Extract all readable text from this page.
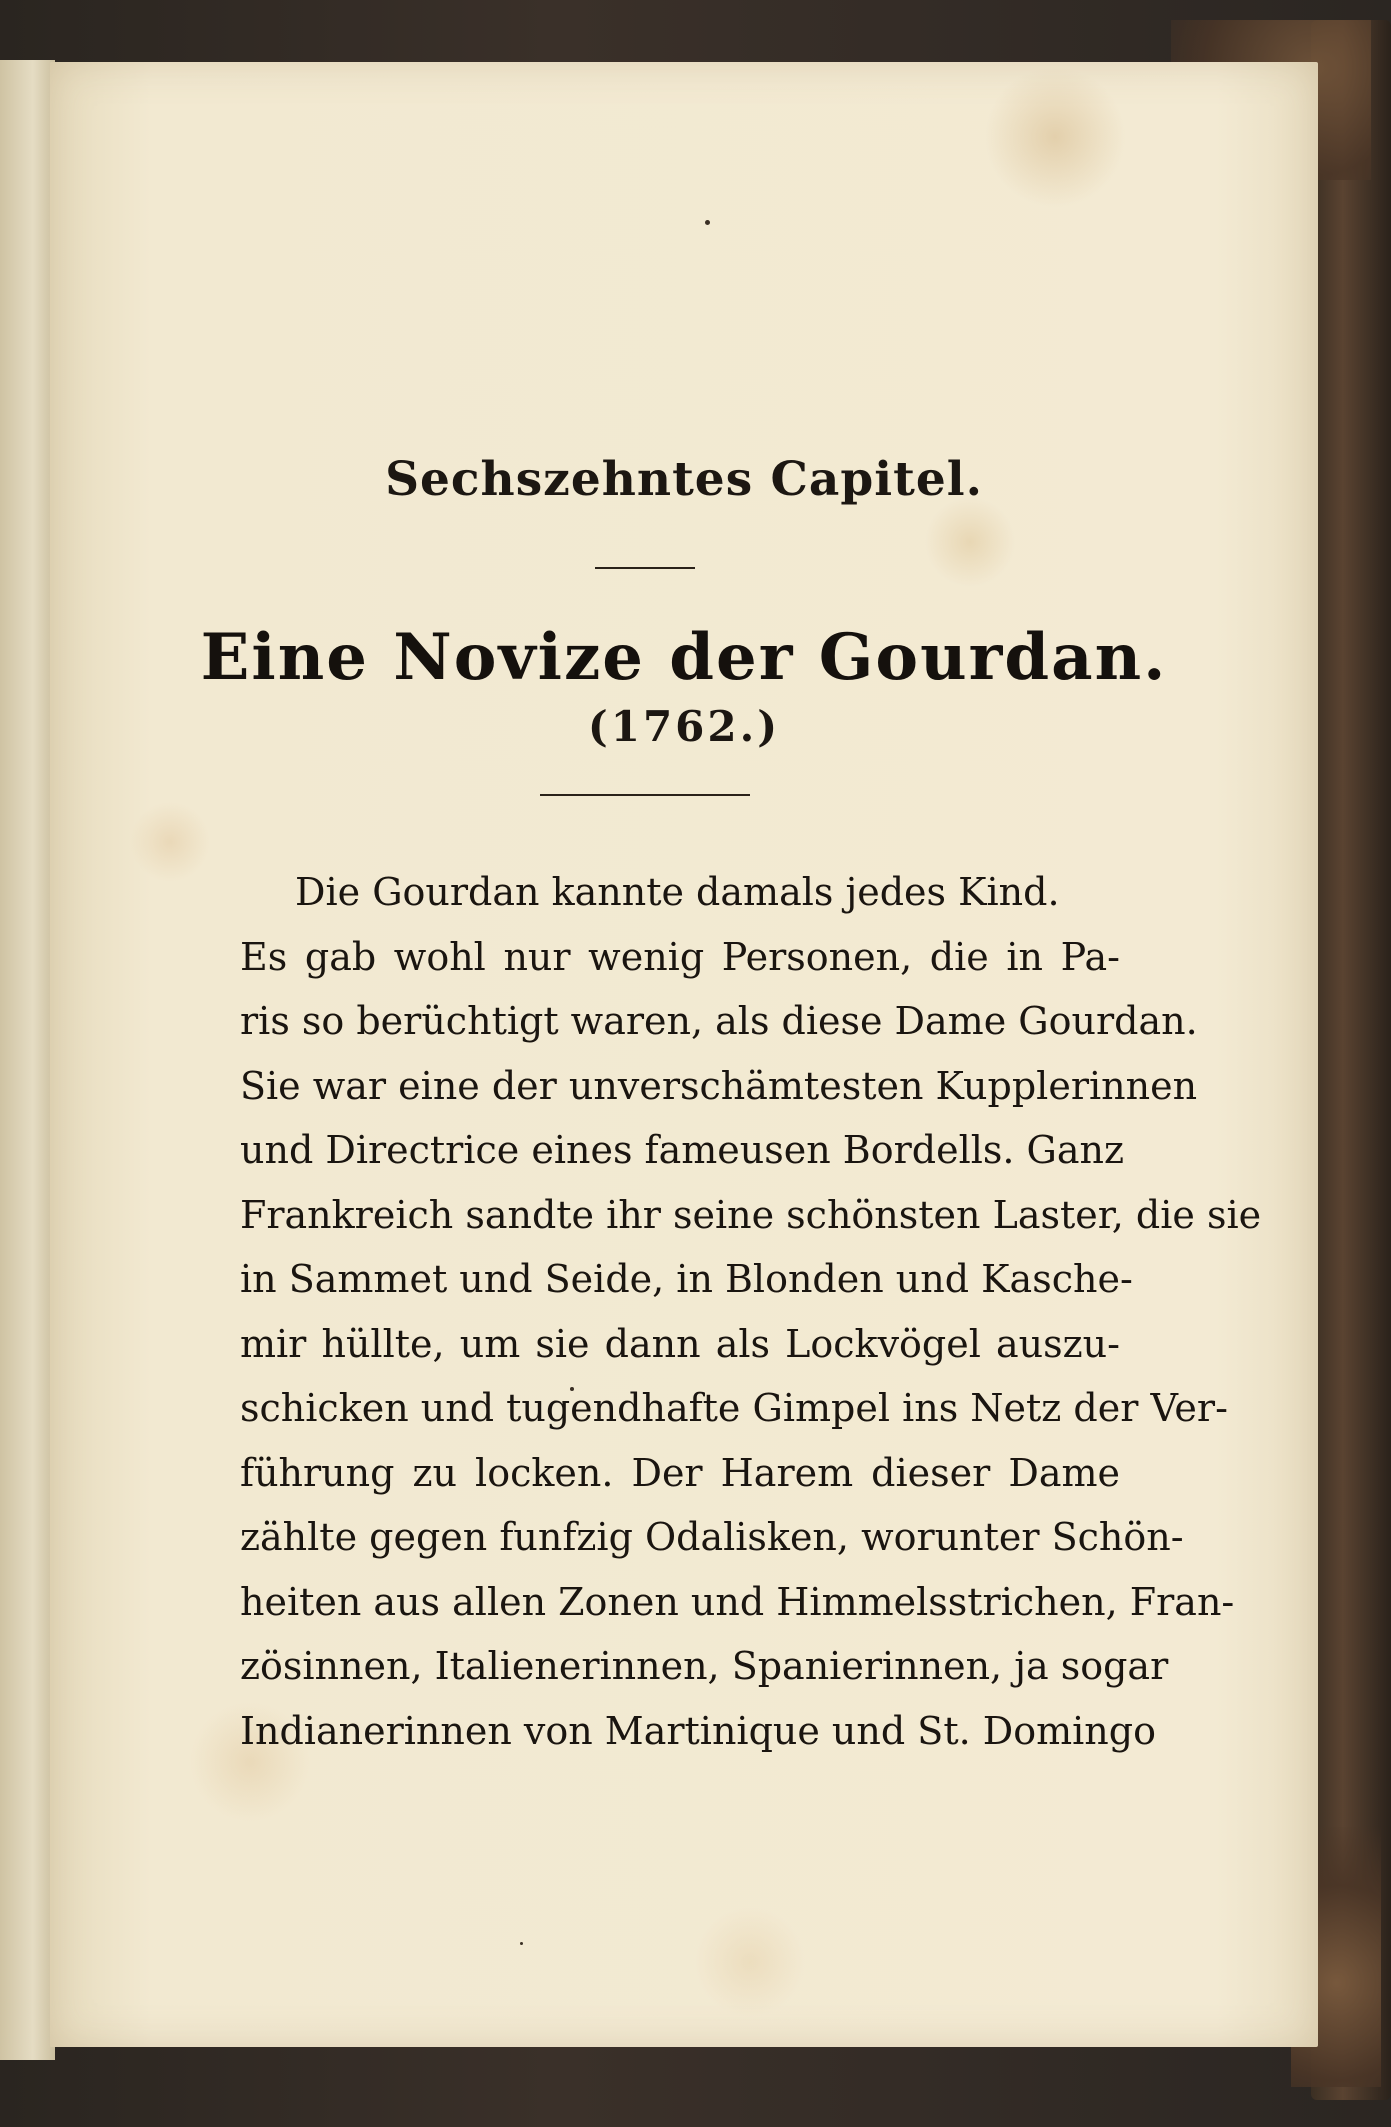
Sechszehntes Capitel.
Eine Novize der Gourdan.
(1762.)
Die Gourdan kannte damals jedes Kind.
Es gab wohl nur wenig Personen, die in Pa-
ris so berüchtigt waren, als diese Dame Gourdan.
Sie war eine der unverschämtesten Kupplerinnen
und Directrice eines fameusen Bordells. Ganz
Frankreich sandte ihr seine schönsten Laster, die sie
in Sammet und Seide, in Blonden und Kasche-
mir hüllte, um sie dann als Lockvögel auszu-
schicken und tugendhafte Gimpel ins Netz der Ver-
führung zu locken. Der Harem dieser Dame
zählte gegen funfzig Odalisken, worunter Schön-
heiten aus allen Zonen und Himmelsstrichen, Fran-
zösinnen, Italienerinnen, Spanierinnen, ja sogar
Indianerinnen von Martinique und St. Domingo
